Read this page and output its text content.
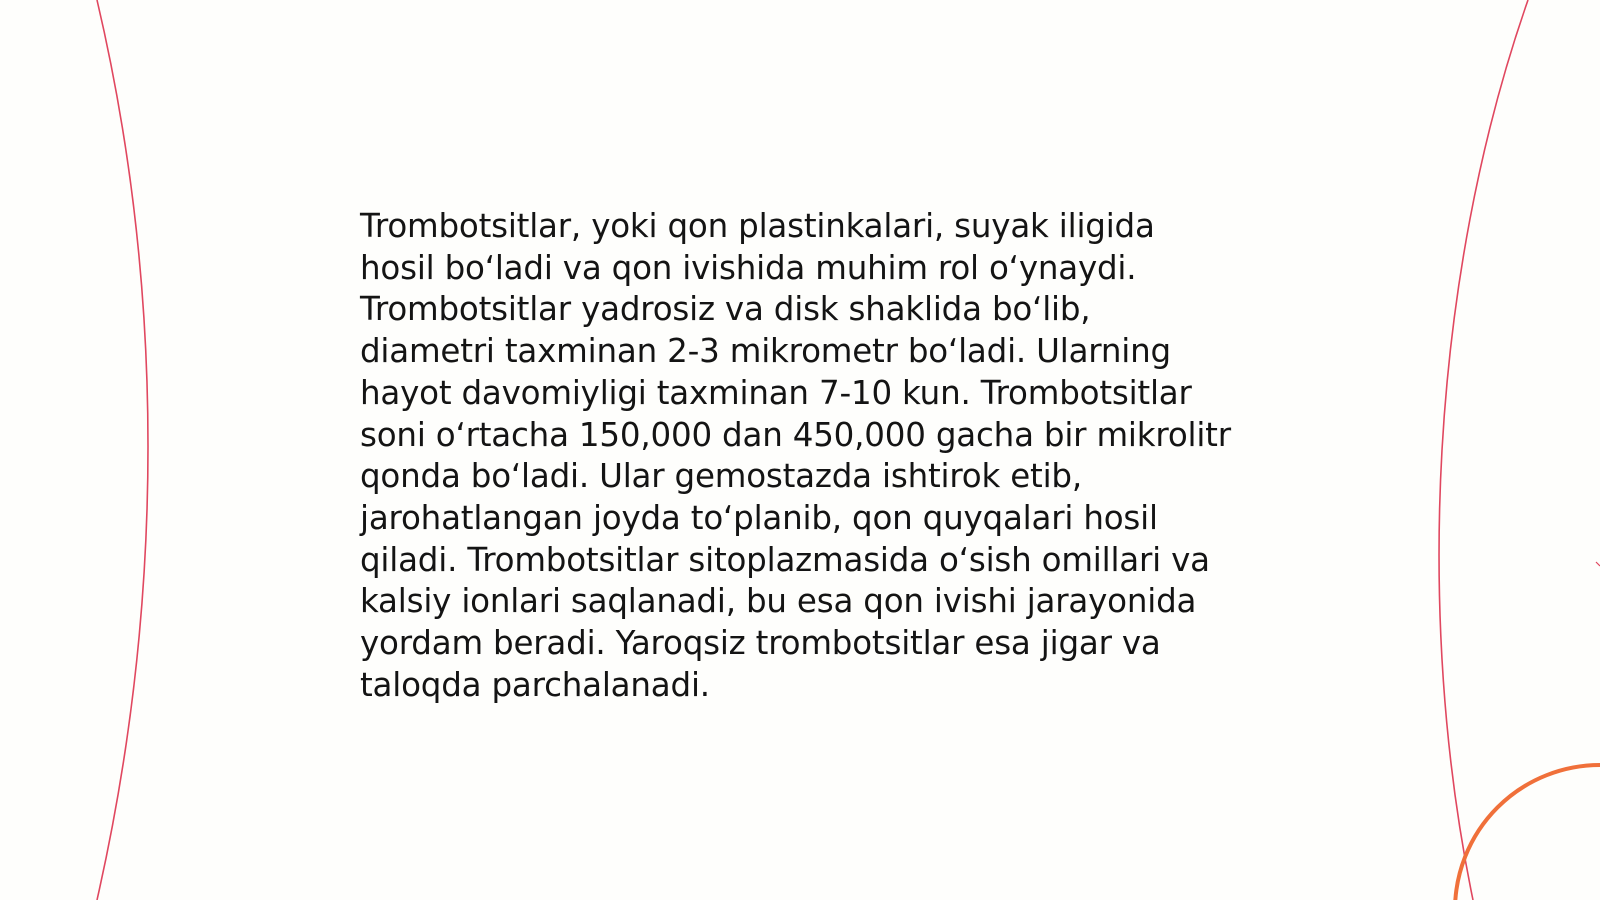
Trombotsitlar, yoki qon plastinkalari, suyak iligida
hosil bo‘ladi va qon ivishida muhim rol o‘ynaydi.
Trombotsitlar yadrosiz va disk shaklida bo‘lib,
diametri taxminan 2-3 mikrometr bo‘ladi. Ularning
hayot davomiyligi taxminan 7-10 kun. Trombotsitlar
soni o‘rtacha 150,000 dan 450,000 gacha bir mikrolitr
qonda bo‘ladi. Ular gemostazda ishtirok etib,
jarohatlangan joyda to‘planib, qon quyqalari hosil
qiladi. Trombotsitlar sitoplazmasida o‘sish omillari va
kalsiy ionlari saqlanadi, bu esa qon ivishi jarayonida
yordam beradi. Yaroqsiz trombotsitlar esa jigar va
taloqda parchalanadi.
